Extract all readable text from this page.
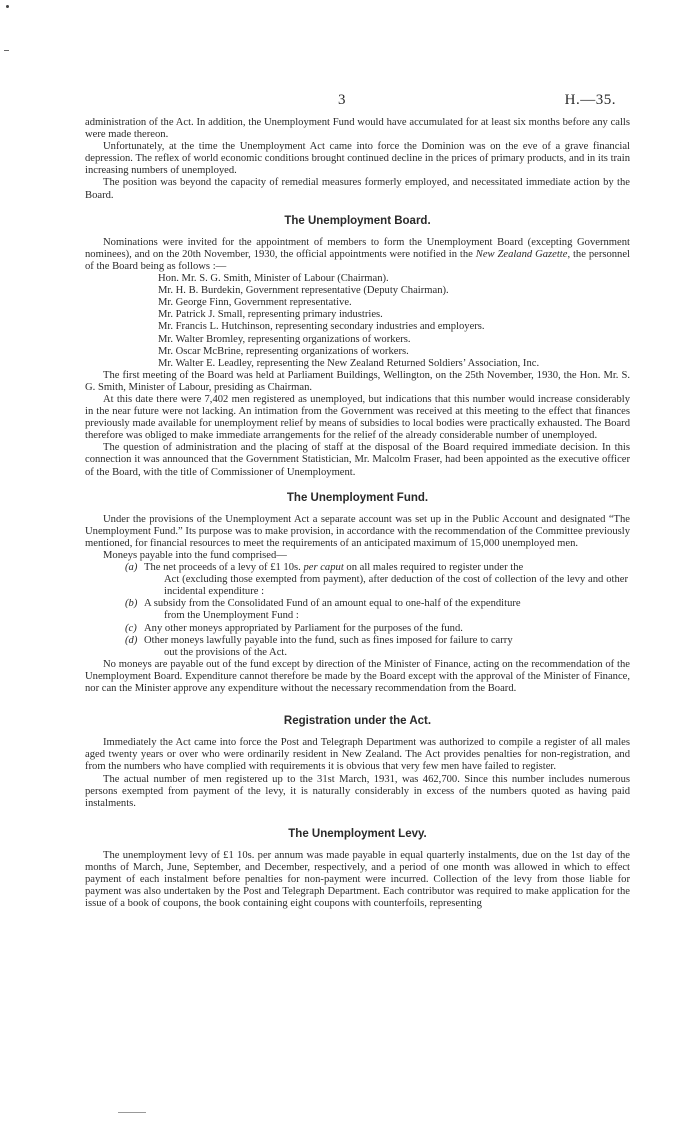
3	H.—35.

administration of the Act. In addition, the Unemployment Fund would have accumulated for at least six months before any calls were made thereon.

Unfortunately, at the time the Unemployment Act came into force the Dominion was on the eve of a grave financial depression. The reflex of world economic conditions brought continued decline in the prices of primary products, and in its train increasing numbers of unemployed.

The position was beyond the capacity of remedial measures formerly employed, and necessitated immediate action by the Board.

The Unemployment Board.

Nominations were invited for the appointment of members to form the Unemployment Board (excepting Government nominees), and on the 20th November, 1930, the official appointments were notified in the New Zealand Gazette, the personnel of the Board being as follows :—

Hon. Mr. S. G. Smith, Minister of Labour (Chairman).
Mr. H. B. Burdekin, Government representative (Deputy Chairman).
Mr. George Finn, Government representative.
Mr. Patrick J. Small, representing primary industries.
Mr. Francis L. Hutchinson, representing secondary industries and employers.
Mr. Walter Bromley, representing organizations of workers.
Mr. Oscar McBrine, representing organizations of workers.
Mr. Walter E. Leadley, representing the New Zealand Returned Soldiers’ Association, Inc.

The first meeting of the Board was held at Parliament Buildings, Wellington, on the 25th November, 1930, the Hon. Mr. S. G. Smith, Minister of Labour, presiding as Chairman.

At this date there were 7,402 men registered as unemployed, but indications that this number would increase considerably in the near future were not lacking. An intimation from the Government was received at this meeting to the effect that finances previously made available for unemployment relief by means of subsidies to local bodies were practically exhausted. The Board therefore was obliged to make immediate arrangements for the relief of the already considerable number of unemployed.

The question of administration and the placing of staff at the disposal of the Board required immediate decision. In this connection it was announced that the Government Statistician, Mr. Malcolm Fraser, had been appointed as the executive officer of the Board, with the title of Commissioner of Unemployment.

The Unemployment Fund.

Under the provisions of the Unemployment Act a separate account was set up in the Public Account and designated “The Unemployment Fund.” Its purpose was to make provision, in accordance with the recommendation of the Committee previously mentioned, for financial resources to meet the requirements of an anticipated maximum of 15,000 unemployed men.

Moneys payable into the fund comprised—

(a) The net proceeds of a levy of £1 10s. per caput on all males required to register under the
Act (excluding those exempted from payment), after deduction of the cost of collection of the levy and other incidental expenditure :
(b) A subsidy from the Consolidated Fund of an amount equal to one-half of the expenditure
from the Unemployment Fund :
(c) Any other moneys appropriated by Parliament for the purposes of the fund.
(d) Other moneys lawfully payable into the fund, such as fines imposed for failure to carry
out the provisions of the Act.

No moneys are payable out of the fund except by direction of the Minister of Finance, acting on the recommendation of the Unemployment Board. Expenditure cannot therefore be made by the Board except with the approval of the Minister of Finance, nor can the Minister approve any expenditure without the necessary recommendation from the Board.

Registration under the Act.

Immediately the Act came into force the Post and Telegraph Department was authorized to compile a register of all males aged twenty years or over who were ordinarily resident in New Zealand. The Act provides penalties for non-registration, and from the numbers who have complied with requirements it is obvious that very few men have failed to register.

The actual number of men registered up to the 31st March, 1931, was 462,700. Since this number includes numerous persons exempted from payment of the levy, it is naturally considerably in excess of the numbers quoted as having paid instalments.

The Unemployment Levy.

The unemployment levy of £1 10s. per annum was made payable in equal quarterly instalments, due on the 1st day of the months of March, June, September, and December, respectively, and a period of one month was allowed in which to effect payment of each instalment before penalties for non-payment were incurred. Collection of the levy from those liable for payment was also undertaken by the Post and Telegraph Department. Each contributor was required to make application for the issue of a book of coupons, the book containing eight coupons with counterfoils, representing
